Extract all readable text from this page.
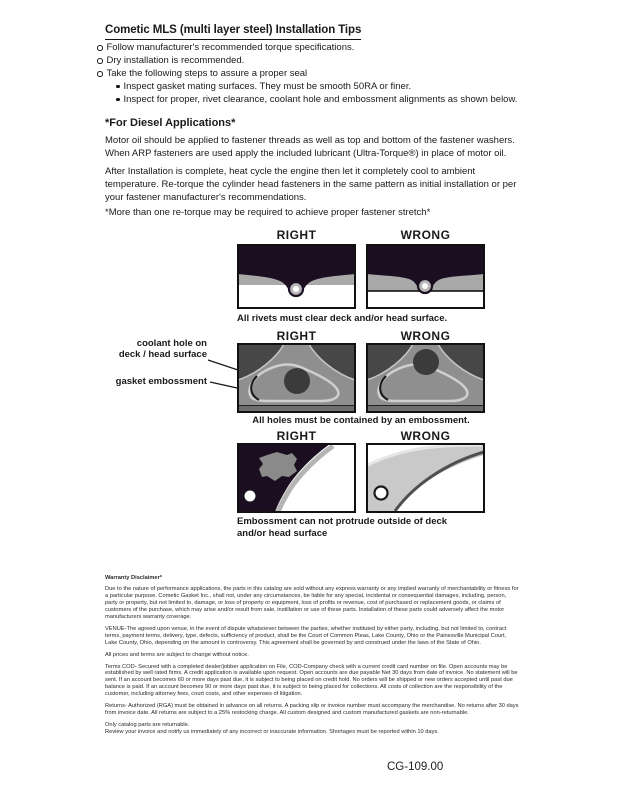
Cometic MLS (multi layer steel) Installation Tips
Follow manufacturer's recommended torque specifications.
Dry installation is recommended.
Take the following steps to assure a proper seal
Inspect gasket mating surfaces. They must be smooth 50RA or finer.
Inspect for proper, rivet clearance, coolant hole and embossment alignments as shown below.
*For Diesel Applications*
Motor oil should be applied to fastener threads as well as top and bottom of the fastener washers. When ARP fasteners are used apply the included lubricant (Ultra-Torque®) in place of motor oil.
After Installation is complete, heat cycle the engine then let it completely cool to ambient temperature. Re-torque the cylinder head fasteners in the same pattern as initial installation or per your fastener manufacturer's recommendations.
*More than one re-torque may be required to achieve proper fastener stretch*
RIGHT	WRONG
All rivets must clear deck and/or head surface.
RIGHT	WRONG
coolant hole on
deck / head surface
gasket embossment
All holes must be contained by an embossment.
RIGHT	WRONG
Embossment can not protrude outside of deck
and/or head surface

Warranty Disclaimer*

Due to the nature of performance applications, the parts in this catalog are sold without any express warranty or any implied warranty of merchantability or fitness for a particular purpose. Cometic Gasket Inc., shall not, under any circumstances, be liable for any special, incidental or consequential damages, including, person, party or property, but not limited to, damage, or loss of property or equipment, loss of profits or revenue, cost of purchased or replacement goods, or claims of customers of the purchase, which may arise and/or result from sale, instillation or use of these parts. Installation of these parts could adversely affect the motor manufacturers warranty coverage.

VENUE-The agreed upon venue, in the event of dispute whatsoever between the parties, whether instituted by either party, including, but not limited to, contract terms, payment terms, delivery, type, defects, sufficiency of product, shall be the Court of Common Pleas, Lake County, Ohio or the Painesville Municipal Court, Lake County, Ohio, depending on the amount in controversy. This agreement shall be governed by and construed under the laws of the State of Ohio.

All prices and terms are subject to change without notice.

Terms COD- Secured with a completed dealer/jobber application on File, COD-Company check with a current credit card number on file. Open accounts may be established by well rated firms. A credit application is available upon request. Open accounts are due payable Net 30 days from date of invoice. No statement will be sent. If an account becomes 60 or more days past due, it is subject to being placed on credit hold. No orders will be shipped or new orders accepted until past due balance is paid. If an account becomes 90 or more days past due, it is subject to being placed for collections. All costs of collection are the responsibility of the customer, including attorney fees, court costs, and other expenses of litigation.

Returns- Authorized (RGA) must be obtained in advance on all returns. A packing slip or invoice number must accompany the merchandise. No returns after 30 days from invoice date. All returns are subject to a 25% restocking charge. All custom designed and custom manufactured gaskets are non-returnable.

Only catalog parts are returnable.

Review your invoice and notify us immediately of any incorrect or inaccurate information. Shortages must be reported within 10 days.

CG-109.00
